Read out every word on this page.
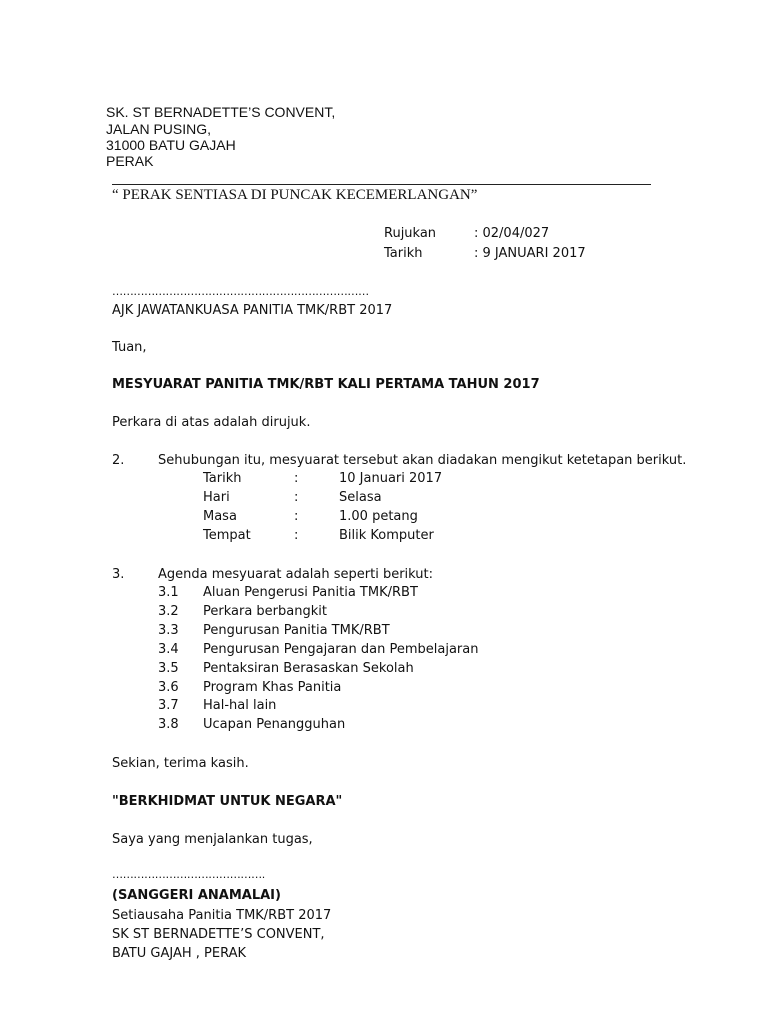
SK. ST BERNADETTE’S CONVENT,
JALAN PUSING,
31000 BATU GAJAH
PERAK
“ PERAK SENTIASA DI PUNCAK KECEMERLANGAN”
Rujukan	: 02/04/027
Tarikh	: 9 JANUARI 2017
………………………………………………………………
AJK JAWATANKUASA PANITIA TMK/RBT 2017
Tuan,
MESYUARAT PANITIA TMK/RBT KALI PERTAMA TAHUN 2017
Perkara di atas adalah dirujuk.
2.	Sehubungan itu, mesyuarat tersebut akan diadakan mengikut ketetapan berikut.
Tarikh	:	10 Januari 2017
Hari	:	Selasa
Masa	:	1.00 petang
Tempat	:	Bilik Komputer
3.	Agenda mesyuarat adalah seperti berikut:
3.1 Aluan Pengerusi Panitia TMK/RBT
3.2 Perkara berbangkit
3.3 Pengurusan Panitia TMK/RBT
3.4 Pengurusan Pengajaran dan Pembelajaran
3.5 Pentaksiran Berasaskan Sekolah
3.6 Program Khas Panitia
3.7 Hal-hal lain
3.8 Ucapan Penangguhan
Sekian, terima kasih.
"BERKHIDMAT UNTUK NEGARA"
Saya yang menjalankan tugas,
…………………………………….
(SANGGERI ANAMALAI)
Setiausaha Panitia TMK/RBT 2017
SK ST BERNADETTE’S CONVENT,
BATU GAJAH , PERAK
